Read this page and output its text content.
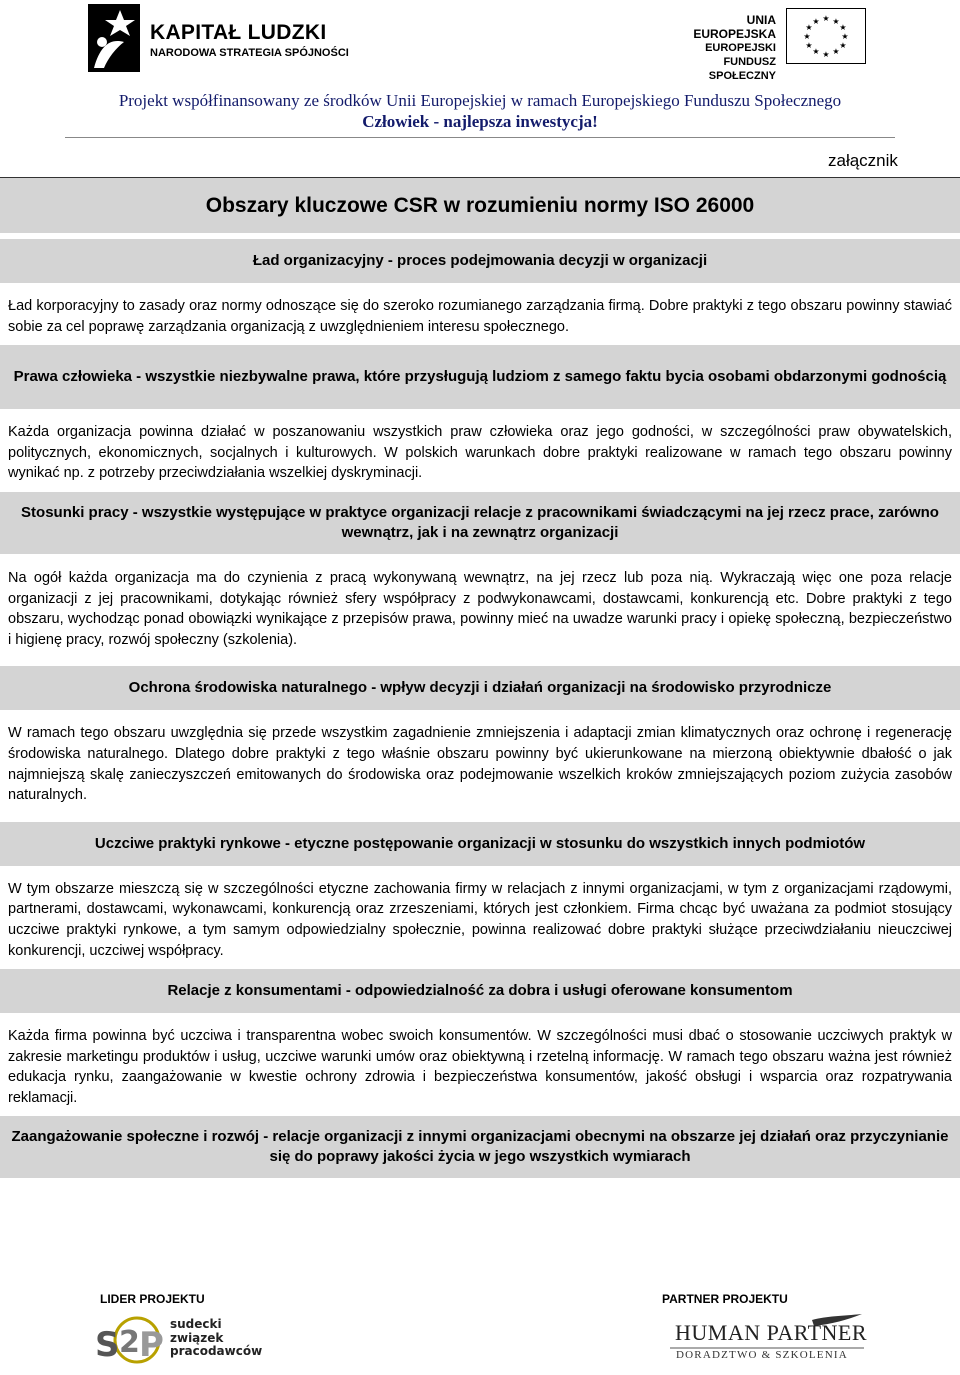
KAPITAŁ LUDZKI
NARODOWA STRATEGIA SPÓJNOŚCI
UNIA EUROPEJSKA
EUROPEJSKI
FUNDUSZ SPOŁECZNY
★ ★
★
★
★
★
★
★
★
★
★
★
Projekt współfinansowany ze środków Unii Europejskiej w ramach Europejskiego Funduszu Społecznego
Człowiek - najlepsza inwestycja!
załącznik
Obszary kluczowe CSR w rozumieniu normy ISO 26000
Ład organizacyjny - proces podejmowania decyzji w organizacji
Ład korporacyjny to zasady oraz normy odnoszące się do szeroko rozumianego zarządzania firmą. Dobre praktyki z tego obszaru powinny stawiać sobie za cel poprawę zarządzania organizacją z uwzględnieniem interesu społecznego.
Prawa człowieka - wszystkie niezbywalne prawa, które przysługują ludziom z samego faktu bycia osobami obdarzonymi godnością
Każda organizacja powinna działać w poszanowaniu wszystkich praw człowieka oraz jego godności, w szczególności praw obywatelskich, politycznych, ekonomicznych, socjalnych i kulturowych. W polskich warunkach dobre praktyki realizowane w ramach tego obszaru powinny wynikać np. z potrzeby przeciwdziałania wszelkiej dyskryminacji.
Stosunki pracy - wszystkie występujące w praktyce organizacji relacje z pracownikami świadczącymi na jej rzecz prace, zarówno wewnątrz, jak i na zewnątrz organizacji
Na ogół każda organizacja ma do czynienia z pracą wykonywaną wewnątrz, na jej rzecz lub poza nią. Wykraczają więc one poza relacje organizacji z jej pracownikami, dotykając również sfery współpracy z podwykonawcami, dostawcami, konkurencją etc. Dobre praktyki z tego obszaru, wychodząc ponad obowiązki wynikające z przepisów prawa, powinny mieć na uwadze warunki pracy i opiekę społeczną, bezpieczeństwo i higienę pracy, rozwój społeczny (szkolenia).
Ochrona środowiska naturalnego - wpływ decyzji i działań organizacji na środowisko przyrodnicze
W ramach tego obszaru uwzględnia się przede wszystkim zagadnienie zmniejszenia i adaptacji zmian klimatycznych oraz ochronę i regenerację środowiska naturalnego. Dlatego dobre praktyki z tego właśnie obszaru powinny być ukierunkowane na mierzoną obiektywnie dbałość o jak najmniejszą skalę zanieczyszczeń emitowanych do środowiska oraz podejmowanie wszelkich kroków zmniejszających poziom zużycia zasobów naturalnych.
Uczciwe praktyki rynkowe - etyczne postępowanie organizacji w stosunku do wszystkich innych podmiotów
W tym obszarze mieszczą się w szczególności etyczne zachowania firmy w relacjach z innymi organizacjami, w tym z organizacjami rządowymi, partnerami, dostawcami, wykonawcami, konkurencją oraz zrzeszeniami, których jest członkiem. Firma chcąc być uważana za podmiot stosujący uczciwe praktyki rynkowe, a tym samym odpowiedzialny społecznie, powinna realizować dobre praktyki służące przeciwdziałaniu nieuczciwej konkurencji, uczciwej współpracy.
Relacje z konsumentami - odpowiedzialność za dobra i usługi oferowane konsumentom
Każda firma powinna być uczciwa i transparentna wobec swoich konsumentów. W szczególności musi dbać o stosowanie uczciwych praktyk w zakresie marketingu produktów i usług, uczciwe warunki umów oraz obiektywną i rzetelną informację. W ramach tego obszaru ważna jest również edukacja rynku, zaangażowanie w kwestie ochrony zdrowia i bezpieczeństwa konsumentów, jakość obsługi i wsparcia oraz rozpatrywania reklamacji.
Zaangażowanie społeczne i rozwój - relacje organizacji z innymi organizacjami obecnymi na obszarze jej działań oraz przyczynianie się do poprawy jakości życia w jego wszystkich wymiarach
LIDER PROJEKTU	PARTNER PROJEKTU
S 2 P
sudecki
związek
pracodawców
HUMAN PARTNER
DORADZTWO & SZKOLENIA
